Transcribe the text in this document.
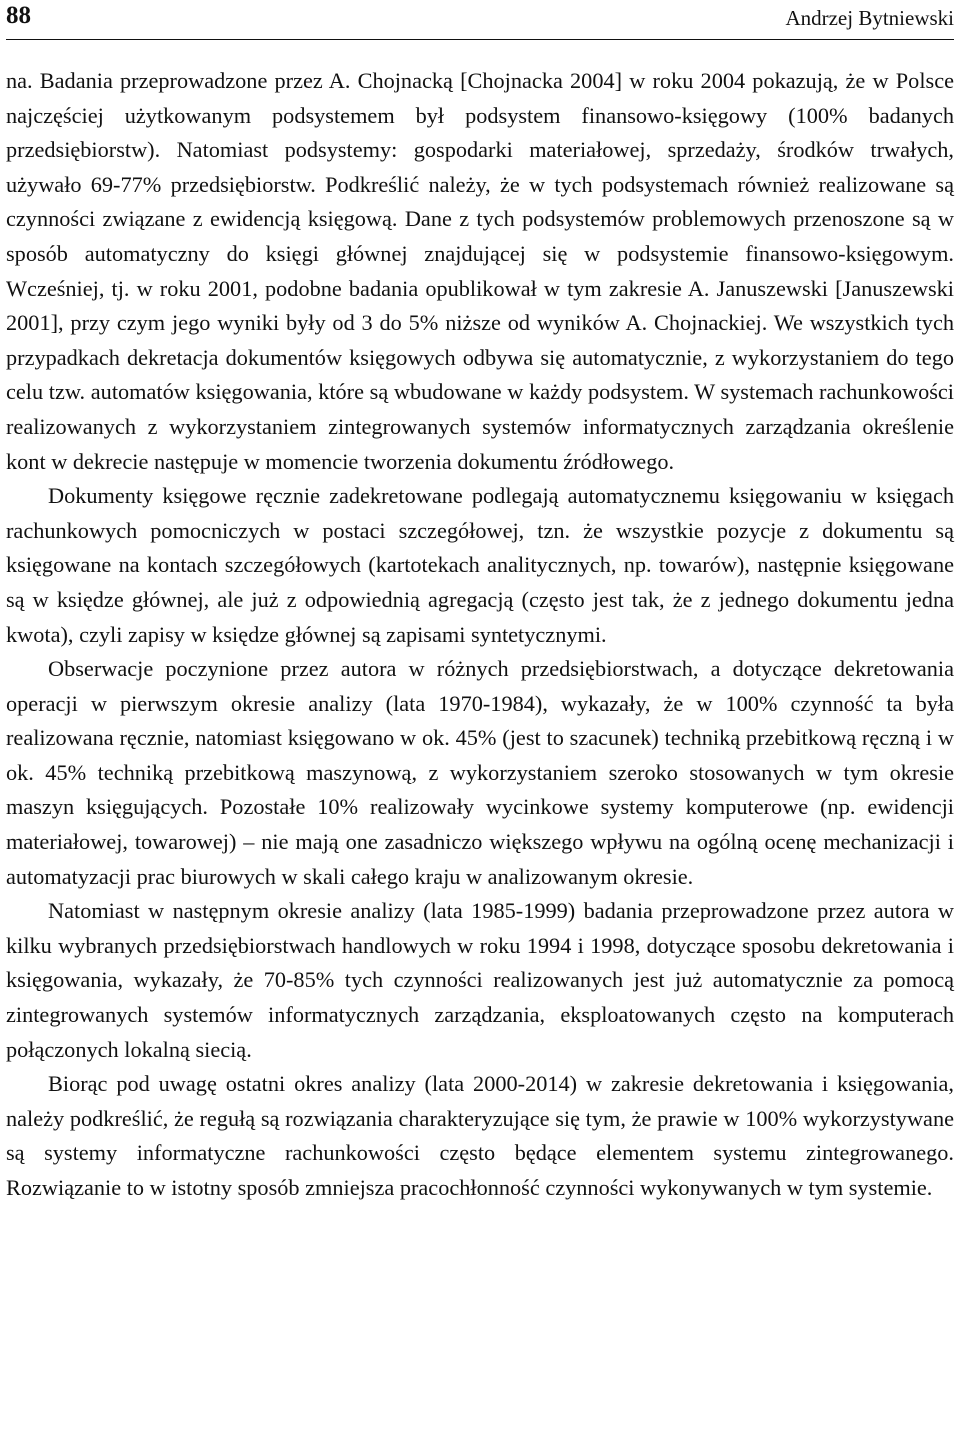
88	Andrzej Bytniewski

na. Badania przeprowadzone przez A. Chojnacką [Chojnacka 2004] w roku 2004 pokazują, że w Polsce najczęściej użytkowanym podsystemem był podsystem finansowo-księgowy (100% badanych przedsiębiorstw). Natomiast podsystemy: gospodarki materiałowej, sprzedaży, środków trwałych, używało 69-77% przedsiębiorstw. Podkreślić należy, że w tych podsystemach również realizowane są czynności związane z ewidencją księgową. Dane z tych podsystemów problemowych przenoszone są w sposób automatyczny do księgi głównej znajdującej się w podsystemie finansowo-księgowym. Wcześniej, tj. w roku 2001, podobne badania opublikował w tym zakresie A. Januszewski [Januszewski 2001], przy czym jego wyniki były od 3 do 5% niższe od wyników A. Chojnackiej. We wszystkich tych przypadkach dekretacja dokumentów księgowych odbywa się automatycznie, z wykorzystaniem do tego celu tzw. automatów księgowania, które są wbudowane w każdy podsystem. W systemach rachunkowości realizowanych z wykorzystaniem zintegrowanych systemów informatycznych zarządzania określenie kont w dekrecie następuje w momencie tworzenia dokumentu źródłowego.

Dokumenty księgowe ręcznie zadekretowane podlegają automatycznemu księgowaniu w księgach rachunkowych pomocniczych w postaci szczegółowej, tzn. że wszystkie pozycje z dokumentu są księgowane na kontach szczegółowych (kartotekach analitycznych, np. towarów), następnie księgowane są w księdze głównej, ale już z odpowiednią agregacją (często jest tak, że z jednego dokumentu jedna kwota), czyli zapisy w księdze głównej są zapisami syntetycznymi.

Obserwacje poczynione przez autora w różnych przedsiębiorstwach, a dotyczące dekretowania operacji w pierwszym okresie analizy (lata 1970-1984), wykazały, że w 100% czynność ta była realizowana ręcznie, natomiast księgowano w ok. 45% (jest to szacunek) techniką przebitkową ręczną i w ok. 45% techniką przebitkową maszynową, z wykorzystaniem szeroko stosowanych w tym okresie maszyn księgujących. Pozostałe 10% realizowały wycinkowe systemy komputerowe (np. ewidencji materiałowej, towarowej) – nie mają one zasadniczo większego wpływu na ogólną ocenę mechanizacji i automatyzacji prac biurowych w skali całego kraju w analizowanym okresie.

Natomiast w następnym okresie analizy (lata 1985-1999) badania przeprowadzone przez autora w kilku wybranych przedsiębiorstwach handlowych w roku 1994 i 1998, dotyczące sposobu dekretowania i księgowania, wykazały, że 70-85% tych czynności realizowanych jest już automatycznie za pomocą zintegrowanych systemów informatycznych zarządzania, eksploatowanych często na komputerach połączonych lokalną siecią.

Biorąc pod uwagę ostatni okres analizy (lata 2000-2014) w zakresie dekretowania i księgowania, należy podkreślić, że regułą są rozwiązania charakteryzujące się tym, że prawie w 100% wykorzystywane są systemy informatyczne rachunkowości często będące elementem systemu zintegrowanego. Rozwiązanie to w istotny sposób zmniejsza pracochłonność czynności wykonywanych w tym systemie.
